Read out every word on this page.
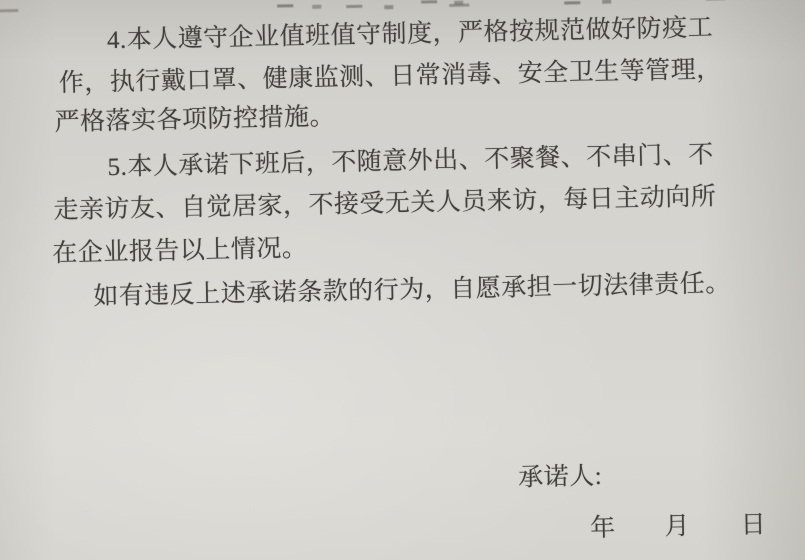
4.本人遵守企业值班值守制度，严格按规范做好防疫工
作，执行戴口罩、健康监测、日常消毒、安全卫生等管理，
严格落实各项防控措施。
5.本人承诺下班后，不随意外出、不聚餐、不串门、不
走亲访友、自觉居家，不接受无关人员来访，每日主动向所
在企业报告以上情况。
如有违反上述承诺条款的行为，自愿承担一切法律责任。
承诺人:
年 月 日
